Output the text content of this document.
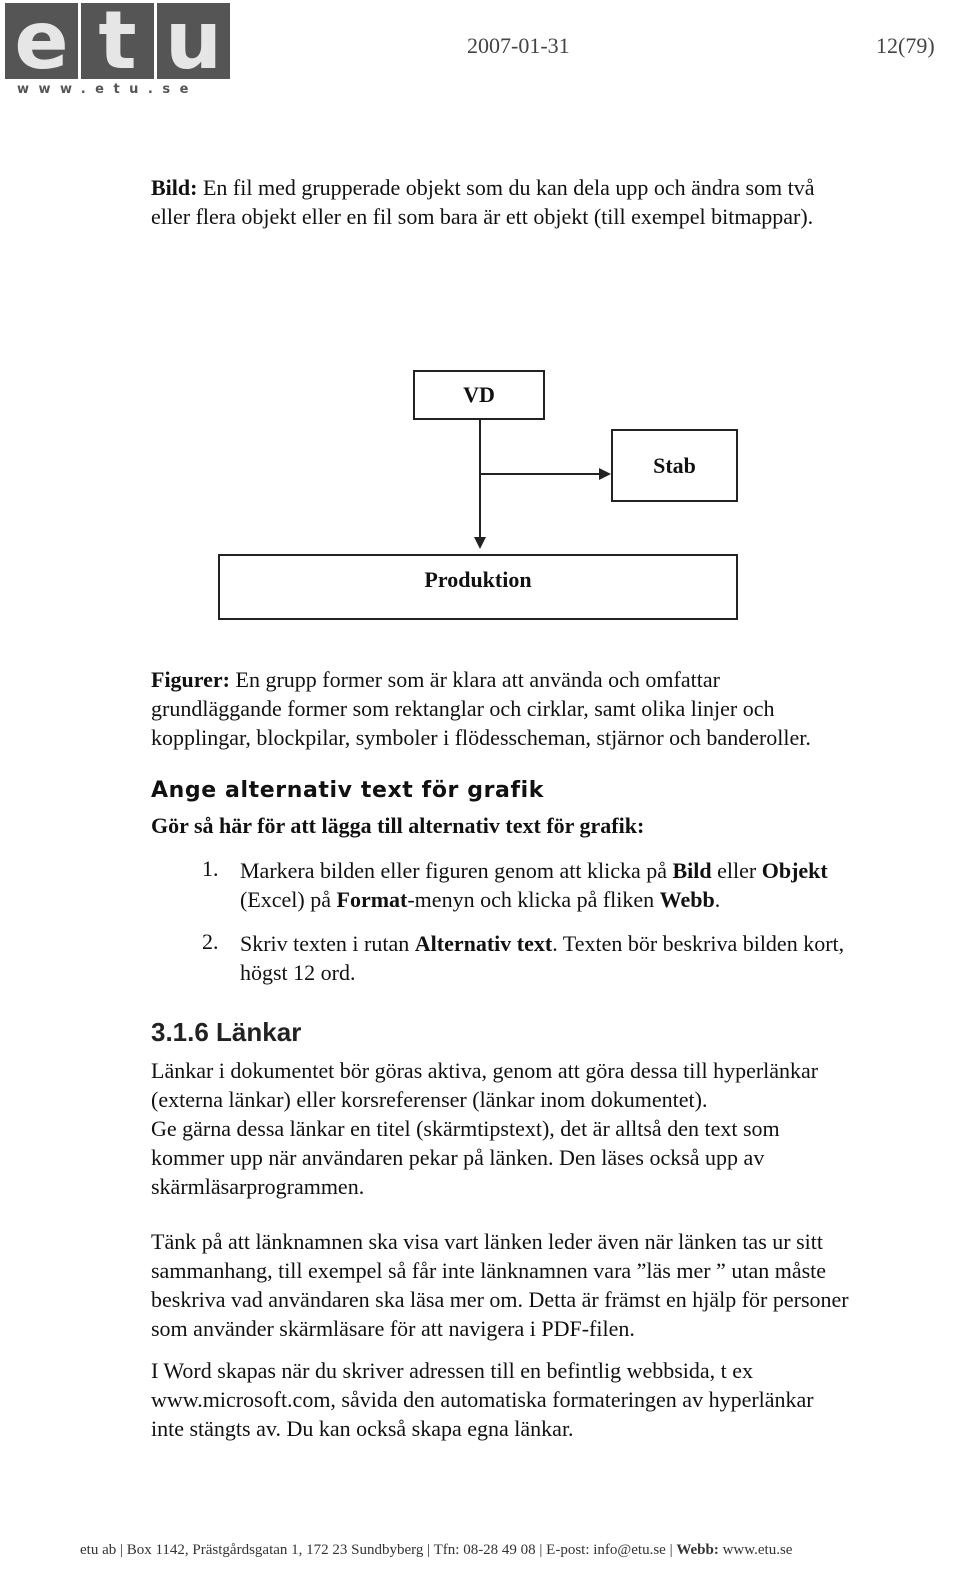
e t u
www.etu.se
2007-01-31	12(79)

Bild: En fil med grupperade objekt som du kan dela upp och ändra som två
eller flera objekt eller en fil som bara är ett objekt (till exempel bitmappar).

VD
Stab
Produktion

Figurer: En grupp former som är klara att använda och omfattar
grundläggande former som rektanglar och cirklar, samt olika linjer och
kopplingar, blockpilar, symboler i flödesscheman, stjärnor och banderoller.

Ange alternativ text för grafik
Gör så här för att lägga till alternativ text för grafik:
1. Markera bilden eller figuren genom att klicka på Bild eller Objekt
(Excel) på Format-menyn och klicka på fliken Webb.
2. Skriv texten i rutan Alternativ text. Texten bör beskriva bilden kort,
högst 12 ord.
3.1.6 Länkar

Länkar i dokumentet bör göras aktiva, genom att göra dessa till hyperlänkar
(externa länkar) eller korsreferenser (länkar inom dokumentet).
Ge gärna dessa länkar en titel (skärmtipstext), det är alltså den text som
kommer upp när användaren pekar på länken. Den läses också upp av
skärmläsarprogrammen.

Tänk på att länknamnen ska visa vart länken leder även när länken tas ur sitt
sammanhang, till exempel så får inte länknamnen vara ”läs mer ” utan måste
beskriva vad användaren ska läsa mer om. Detta är främst en hjälp för personer
som använder skärmläsare för att navigera i PDF-filen.

I Word skapas när du skriver adressen till en befintlig webbsida, t ex
www.microsoft.com, såvida den automatiska formateringen av hyperlänkar
inte stängts av. Du kan också skapa egna länkar.

etu ab | Box 1142, Prästgårdsgatan 1, 172 23 Sundbyberg | Tfn: 08-28 49 08 | E-post: info@etu.se | Webb: www.etu.se
